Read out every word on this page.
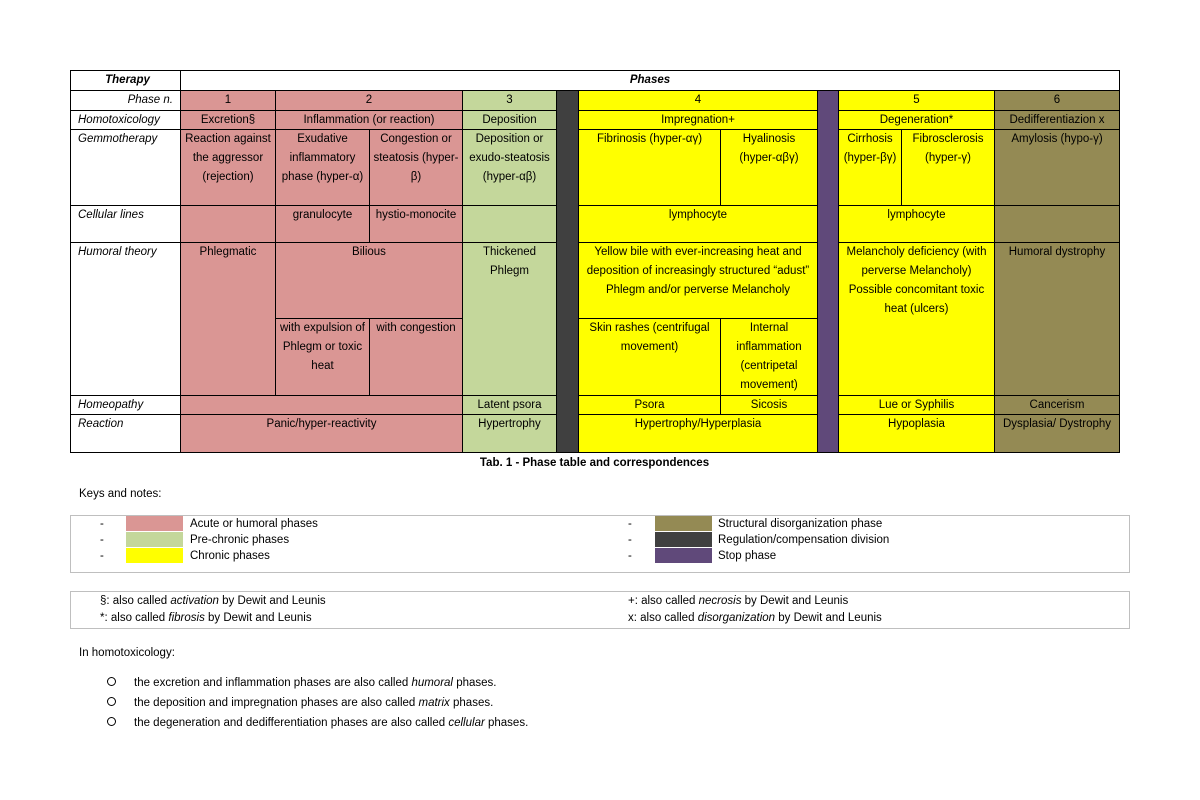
Therapy	Phases										
Phase n.	1	2		3		4			5		6
Homotoxicology	Excretion§	Inflammation (or reaction)		Deposition		Impregnation+			Degeneration*		Dedifferentiazion x
Gemmotherapy	Reaction against the aggressor (rejection)	Exudative inflammatory phase (hyper-α)	Congestion or steatosis (hyper-β)	Deposition or exudo-steatosis (hyper-αβ)		Fibrinosis (hyper-αγ)	Hyalinosis (hyper-αβγ)		Cirrhosis (hyper-βγ)	Fibrosclerosis (hyper-γ)	Amylosis (hypo-γ)
Cellular lines		granulocyte	hystio-monocite			lymphocyte			lymphocyte		
Humoral theory	Phlegmatic	Bilious		Thickened Phlegm		Yellow bile with ever-increasing heat and deposition of increasingly structured “adust” Phlegm and/or perverse Melancholy			Melancholy deficiency (with perverse Melancholy) Possible concomitant toxic heat (ulcers)		Humoral dystrophy
		with expulsion of Phlegm or toxic heat	with congestion			Skin rashes (centrifugal movement)	Internal inflammation (centripetal movement)				
Homeopathy				Latent psora		Psora	Sicosis		Lue or Syphilis		Cancerism
Reaction	Panic/hyper-reactivity			Hypertrophy		Hypertrophy/Hyperplasia			Hypoplasia		Dysplasia/ Dystrophy
Tab. 1 - Phase table and correspondences
Keys and notes:
-	Acute or humoral phases	-	Structural disorganization phase
-	Pre-chronic phases	-	Regulation/compensation division
-	Chronic phases	-	Stop phase
§: also called activation by Dewit and Leunis
*: also called fibrosis by Dewit and Leunis
+: also called necrosis by Dewit and Leunis
x: also called disorganization by Dewit and Leunis
In homotoxicology:
the excretion and inflammation phases are also called humoral phases.
the deposition and impregnation phases are also called matrix phases.
the degeneration and dedifferentiation phases are also called cellular phases.
